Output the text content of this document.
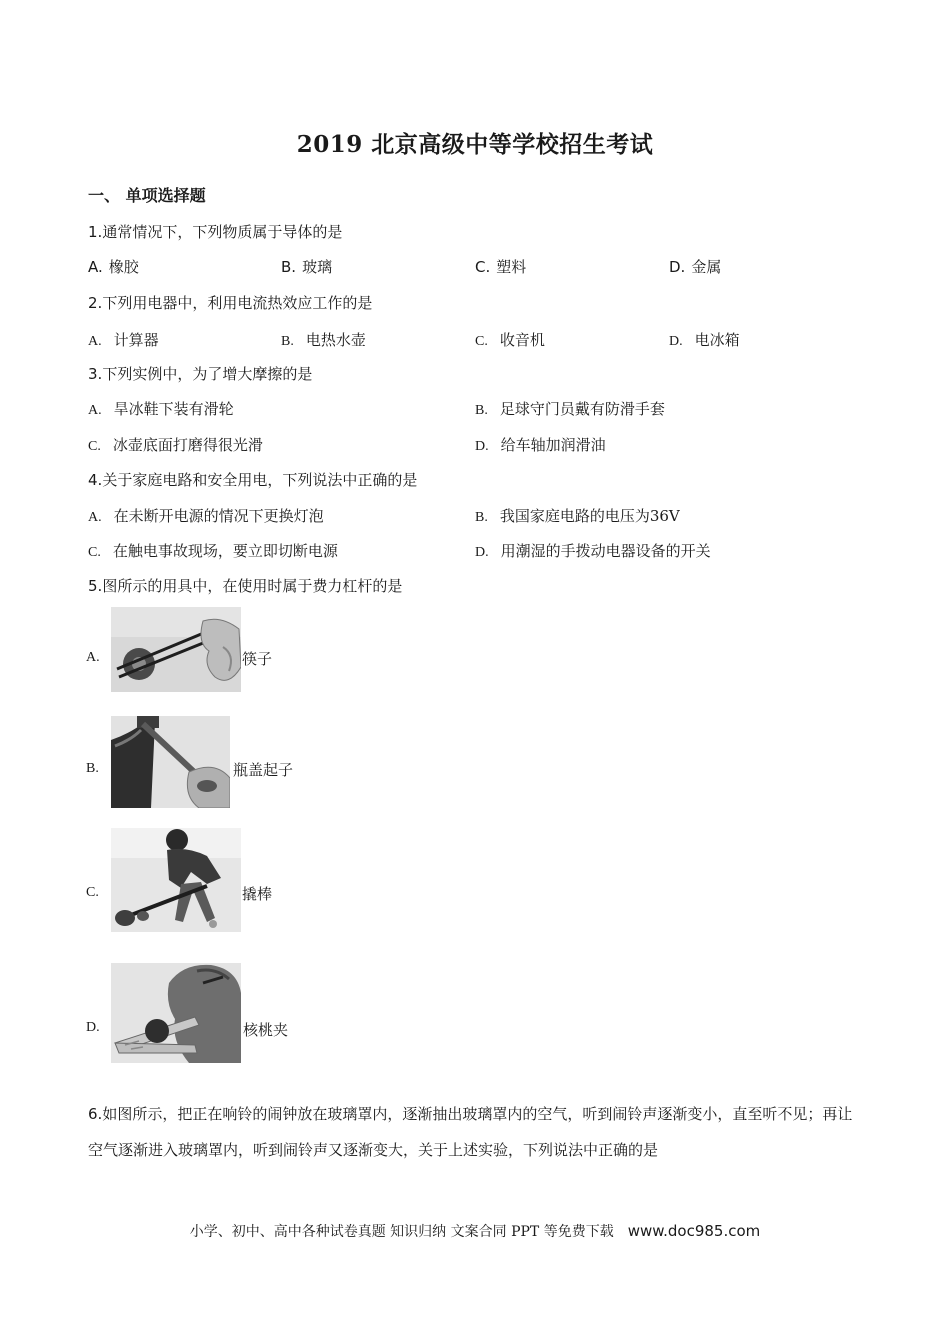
2019 北京高级中等学校招生考试
一、 单项选择题
1.通常情况下，下列物质属于导体的是
A. 橡胶	B. 玻璃	C. 塑料	D. 金属
2.下列用电器中，利用电流热效应工作的是
A. 计算器	B. 电热水壶	C. 收音机	D. 电冰箱
3.下列实例中，为了增大摩擦的是
A. 旱冰鞋下装有滑轮	B. 足球守门员戴有防滑手套
C. 冰壶底面打磨得很光滑	D. 给车轴加润滑油
4.关于家庭电路和安全用电，下列说法中正确的是
A. 在未断开电源的情况下更换灯泡	B. 我国家庭电路的电压为36V
C. 在触电事故现场，要立即切断电源	D. 用潮湿的手拨动电器设备的开关
5.图所示的用具中，在使用时属于费力杠杆的是
A.	筷子
B.	瓶盖起子
C.	撬棒
D.	核桃夹
6.如图所示，把正在响铃的闹钟放在玻璃罩内，逐渐抽出玻璃罩内的空气，听到闹铃声逐渐变小，直至听不见；再让空气逐渐进入玻璃罩内，听到闹铃声又逐渐变大，关于上述实验，下列说法中正确的是
小学、初中、高中各种试卷真题 知识归纳 文案合同 PPT 等免费下载 www.doc985.com
